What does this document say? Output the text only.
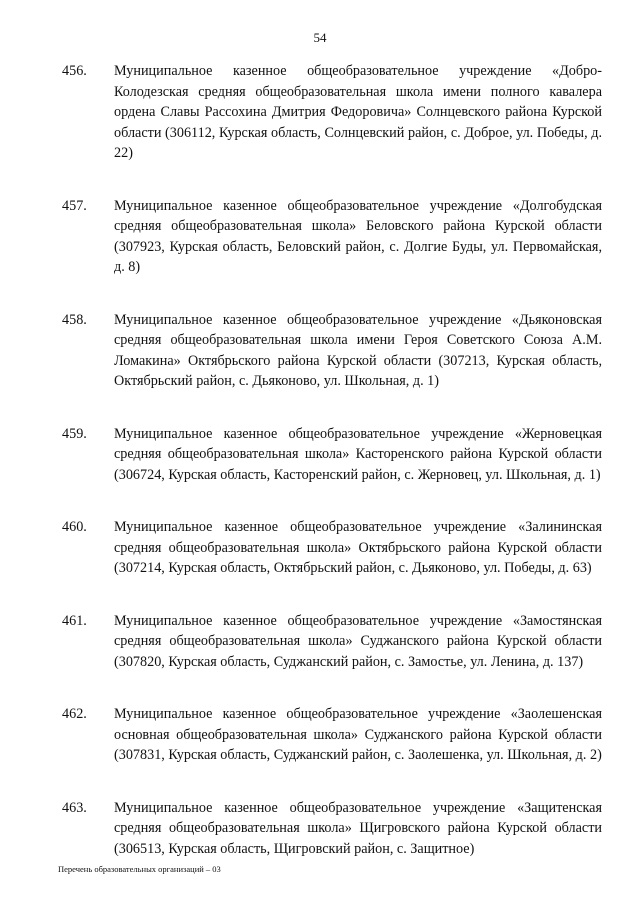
54
456.	Муниципальное казенное общеобразовательное учреждение «Добро-Колодезская средняя общеобразовательная школа имени полного кавалера ордена Славы Рассохина Дмитрия Федоровича» Солнцевского района Курской области (306112, Курская область, Солнцевский район, с. Доброе, ул. Победы, д. 22)
457.	Муниципальное казенное общеобразовательное учреждение «Долгобудская средняя общеобразовательная школа» Беловского района Курской области (307923, Курская область, Беловский район, с. Долгие Буды, ул. Первомайская, д. 8)
458.	Муниципальное казенное общеобразовательное учреждение «Дьяконовская средняя общеобразовательная школа имени Героя Советского Союза А.М. Ломакина» Октябрьского района Курской области (307213, Курская область, Октябрьский район, с. Дьяконово, ул. Школьная, д. 1)
459.	Муниципальное казенное общеобразовательное учреждение «Жерновецкая средняя общеобразовательная школа» Касторенского района Курской области (306724, Курская область, Касторенский район, с. Жерновец, ул. Школьная, д. 1)
460.	Муниципальное казенное общеобразовательное учреждение «Залининская средняя общеобразовательная школа» Октябрьского района Курской области (307214, Курская область, Октябрьский район, с. Дьяконово, ул. Победы, д. 63)
461.	Муниципальное казенное общеобразовательное учреждение «Замостянская средняя общеобразовательная школа» Суджанского района Курской области (307820, Курская область, Суджанский район, с. Замостье, ул. Ленина, д. 137)
462.	Муниципальное казенное общеобразовательное учреждение «Заолешенская основная общеобразовательная школа» Суджанского района Курской области (307831, Курская область, Суджанский район, с. Заолешенка, ул. Школьная, д. 2)
463.	Муниципальное казенное общеобразовательное учреждение «Защитенская средняя общеобразовательная школа» Щигровского района Курской области (306513, Курская область, Щигровский район, с. Защитное)
Перечень образовательных организаций – 03
